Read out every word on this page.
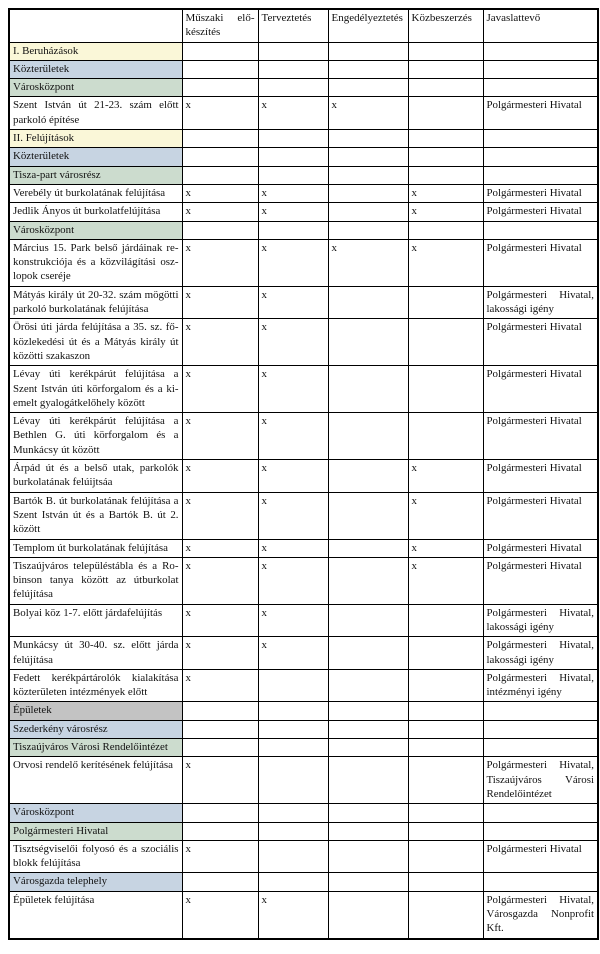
	Műszaki előkészítés	Terveztetés	Engedélyeztetés	Közbeszerzés	Javaslattevő
I. Beruházások					
Közterületek					
Városközpont					
Szent István út 21-23. szám előtt parkoló építése	x	x	x		Polgármesteri Hivatal
II. Felújítások					
Közterületek					
Tisza-part városrész					
Verebély út burkolatának felújítása	x	x		x	Polgármesteri Hivatal
Jedlik Ányos út burkolatfelújítása	x	x		x	Polgármesteri Hivatal
Városközpont					
Március 15. Park belső járdáinak rekonstrukciója és a közvilágítási oszlopok cseréje	x	x	x	x	Polgármesteri Hivatal
Mátyás király út 20-32. szám mögötti parkoló burkolatának felújítása	x	x			Polgármesteri Hivatal, lakossági igény
Örösi úti járda felújítása a 35. sz. főközlekedési út és a Mátyás király út közötti szakaszon	x	x			Polgármesteri Hivatal
Lévay úti kerékpárút felújítása a Szent István úti körforgalom és a kiemelt gyalogátkelőhely között	x	x			Polgármesteri Hivatal
Lévay úti kerékpárút felújítása a Bethlen G. úti körforgalom és a Munkácsy út között	x	x			Polgármesteri Hivatal
Árpád út és a belső utak, parkolók burkolatának felúijtsáa	x	x		x	Polgármesteri Hivatal
Bartók B. út burkolatának felújítása a Szent István út és a Bartók B. út 2. között	x	x		x	Polgármesteri Hivatal
Templom út burkolatának felújítása	x	x		x	Polgármesteri Hivatal
Tiszaújváros településtábla és a Robinson tanya között az útburkolat felújítása	x	x		x	Polgármesteri Hivatal
Bolyai köz 1-7. előtt járdafelújítás	x	x			Polgármesteri Hivatal, lakossági igény
Munkácsy út 30-40. sz. előtt járda felújítása	x	x			Polgármesteri Hivatal, lakossági igény
Fedett kerékpártárolók kialakítása közterületen intézmények előtt	x				Polgármesteri Hivatal, intézményi igény
Épületek					
Szederkény városrész					
Tiszaújváros Városi Rendelőintézet					
Orvosi rendelő kerítésének felújítása	x				Polgármesteri Hivatal, Tiszaújváros Városi Rendelőintézet
Városközpont					
Polgármesteri Hivatal					
Tisztségviselői folyosó és a szociális blokk felújítása	x				Polgármesteri Hivatal
Városgazda telephely					
Épületek felújítása	x	x			Polgármesteri Hivatal, Városgazda Nonprofit Kft.
